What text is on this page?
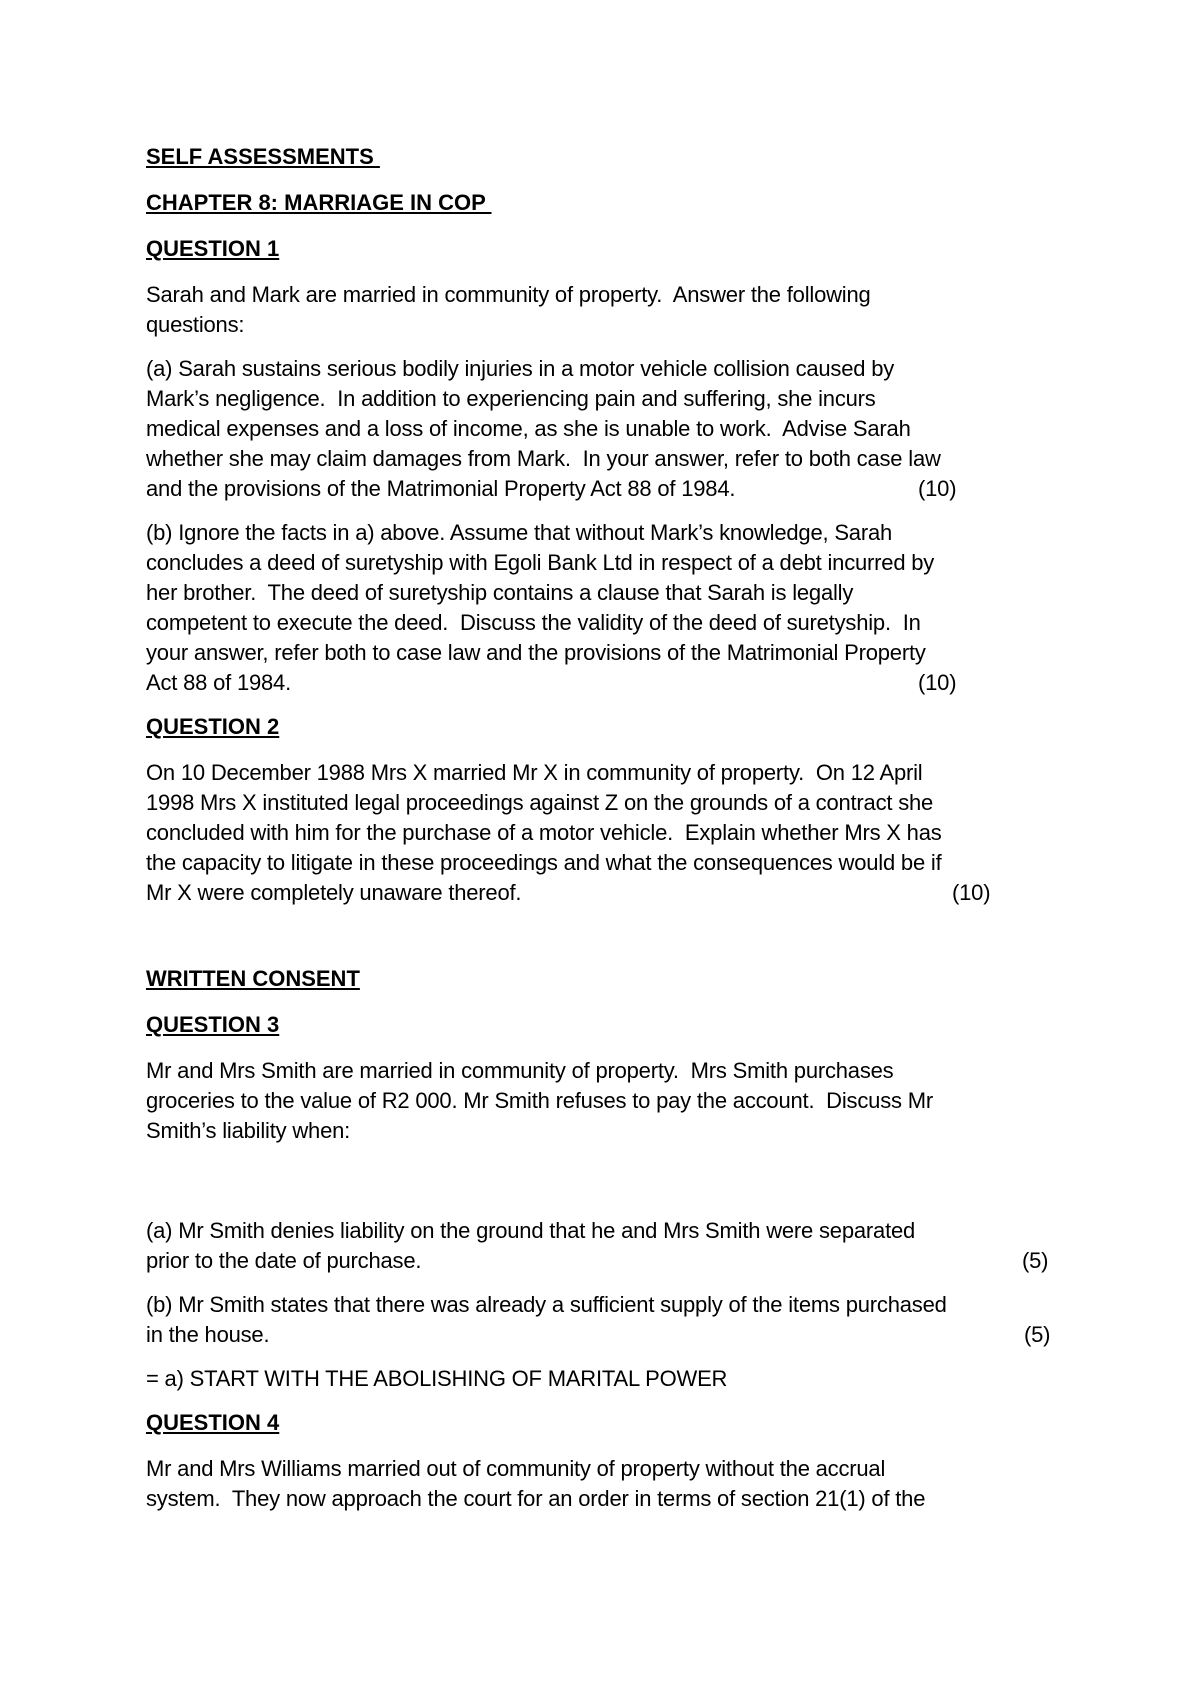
SELF ASSESSMENTS
CHAPTER 8: MARRIAGE IN COP
QUESTION 1
Sarah and Mark are married in community of property.  Answer the following
questions:
(a) Sarah sustains serious bodily injuries in a motor vehicle collision caused by
Mark’s negligence.  In addition to experiencing pain and suffering, she incurs
medical expenses and a loss of income, as she is unable to work.  Advise Sarah
whether she may claim damages from Mark.  In your answer, refer to both case law
and the provisions of the Matrimonial Property Act 88 of 1984.	(10)
(b) Ignore the facts in a) above. Assume that without Mark’s knowledge, Sarah
concludes a deed of suretyship with Egoli Bank Ltd in respect of a debt incurred by
her brother.  The deed of suretyship contains a clause that Sarah is legally
competent to execute the deed.  Discuss the validity of the deed of suretyship.  In
your answer, refer both to case law and the provisions of the Matrimonial Property
Act 88 of 1984.	(10)
QUESTION 2
On 10 December 1988 Mrs X married Mr X in community of property.  On 12 April
1998 Mrs X instituted legal proceedings against Z on the grounds of a contract she
concluded with him for the purchase of a motor vehicle.  Explain whether Mrs X has
the capacity to litigate in these proceedings and what the consequences would be if
Mr X were completely unaware thereof.	(10)
WRITTEN CONSENT
QUESTION 3
Mr and Mrs Smith are married in community of property.  Mrs Smith purchases
groceries to the value of R2 000. Mr Smith refuses to pay the account.  Discuss Mr
Smith’s liability when:
(a) Mr Smith denies liability on the ground that he and Mrs Smith were separated
prior to the date of purchase.	(5)
(b) Mr Smith states that there was already a sufficient supply of the items purchased
in the house.	(5)
= a) START WITH THE ABOLISHING OF MARITAL POWER
QUESTION 4
Mr and Mrs Williams married out of community of property without the accrual
system.  They now approach the court for an order in terms of section 21(1) of the
